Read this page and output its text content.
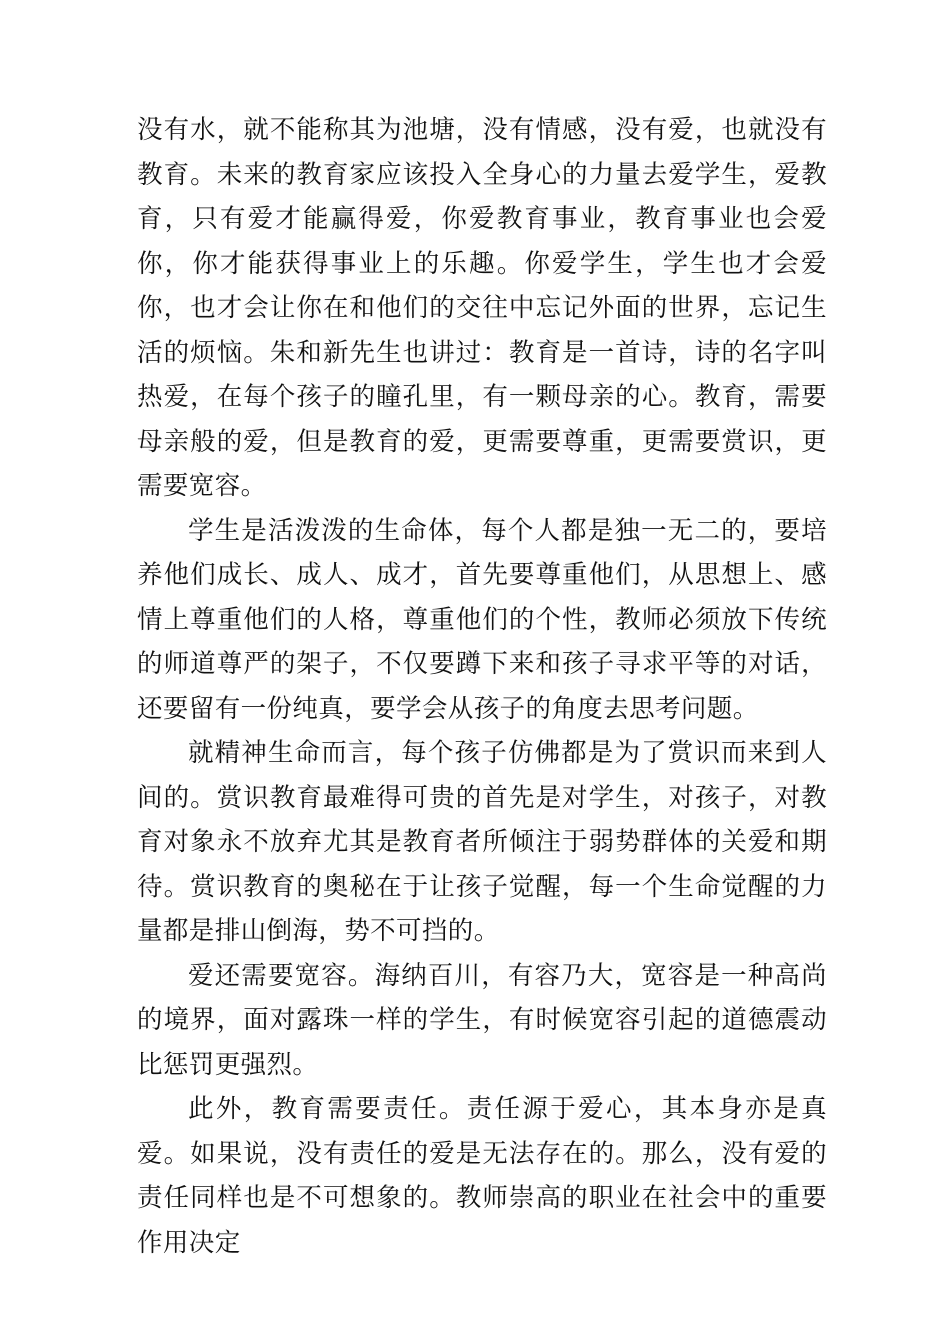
没有水，就不能称其为池塘，没有情感，没有爱，也就没有教育。未来的教育家应该投入全身心的力量去爱学生，爱教育，只有爱才能赢得爱，你爱教育事业，教育事业也会爱你，你才能获得事业上的乐趣。你爱学生，学生也才会爱你，也才会让你在和他们的交往中忘记外面的世界，忘记生活的烦恼。朱和新先生也讲过：教育是一首诗，诗的名字叫热爱，在每个孩子的瞳孔里，有一颗母亲的心。教育，需要母亲般的爱，但是教育的爱，更需要尊重，更需要赏识，更需要宽容。

学生是活泼泼的生命体，每个人都是独一无二的，要培养他们成长、成人、成才，首先要尊重他们，从思想上、感情上尊重他们的人格，尊重他们的个性，教师必须放下传统的师道尊严的架子，不仅要蹲下来和孩子寻求平等的对话，还要留有一份纯真，要学会从孩子的角度去思考问题。

就精神生命而言，每个孩子仿佛都是为了赏识而来到人间的。赏识教育最难得可贵的首先是对学生，对孩子，对教育对象永不放弃尤其是教育者所倾注于弱势群体的关爱和期待。赏识教育的奥秘在于让孩子觉醒，每一个生命觉醒的力量都是排山倒海，势不可挡的。

爱还需要宽容。海纳百川，有容乃大，宽容是一种高尚的境界，面对露珠一样的学生，有时候宽容引起的道德震动比惩罚更强烈。

此外，教育需要责任。责任源于爱心，其本身亦是真爱。如果说，没有责任的爱是无法存在的。那么，没有爱的责任同样也是不可想象的。教师崇高的职业在社会中的重要作用决定
